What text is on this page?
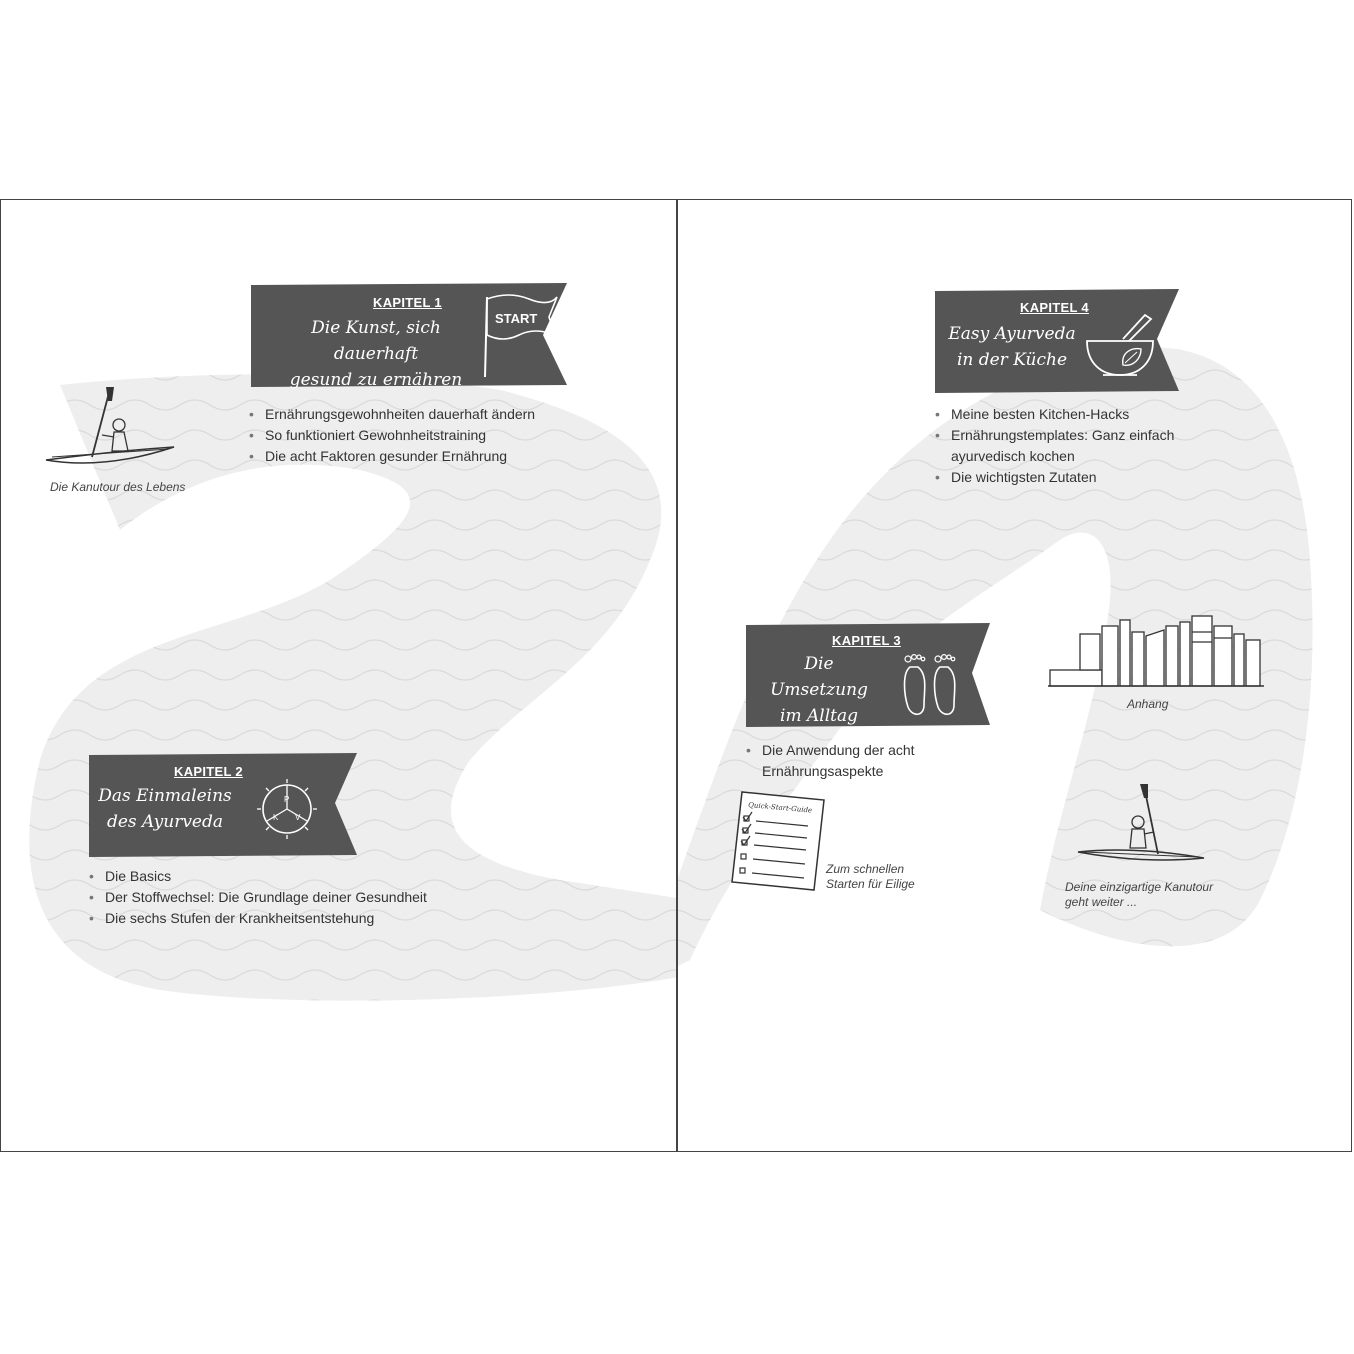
Die Kanutour des Lebens
KAPITEL 1
Die Kunst, sich dauerhaft
gesund zu ernähren
START
• Ernährungsgewohnheiten dauerhaft ändern
• So funktioniert Gewohnheitstraining
• Die acht Faktoren gesunder Ernährung
KAPITEL 2
Das Einmaleins
des Ayurveda
P
K V
• Die Basics
• Der Stoffwechsel: Die Grundlage deiner Gesundheit
• Die sechs Stufen der Krankheitsentstehung
KAPITEL 3
Die Umsetzung
im Alltag
• Die Anwendung der acht
Ernährungsaspekte
Quick-Start-Guide
Zum schnellen
Starten für Eilige
KAPITEL 4
Easy Ayurveda
in der Küche
• Meine besten Kitchen-Hacks
• Ernährungstemplates: Ganz einfach
ayurvedisch kochen
• Die wichtigsten Zutaten
Anhang
Deine einzigartige Kanutour
geht weiter ...
